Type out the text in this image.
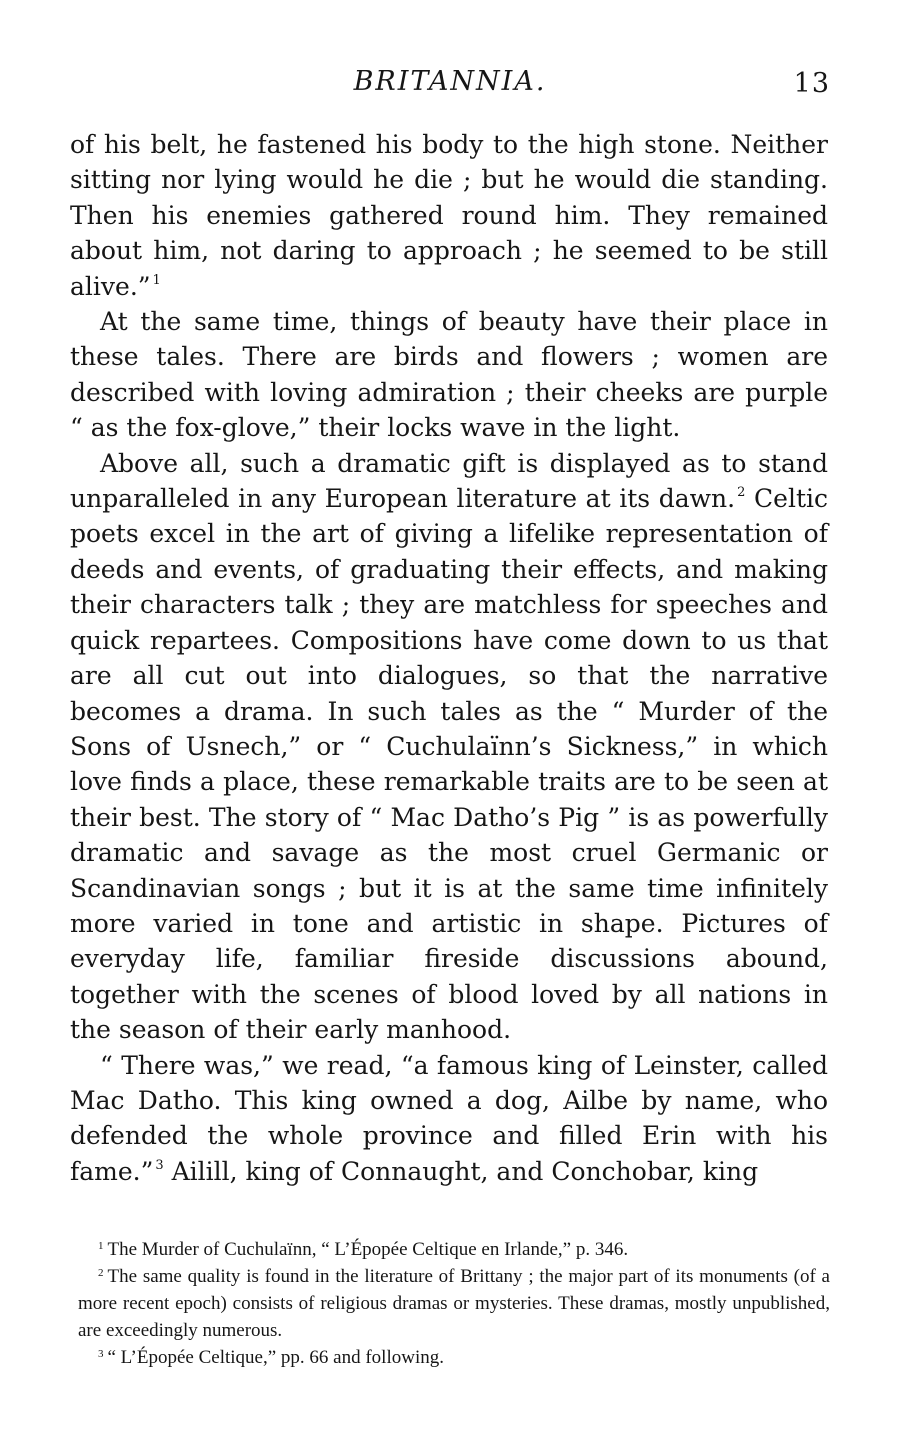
BRITANNIA.	13

of his belt, he fastened his body to the high stone. Neither sitting nor lying would he die ; but he would die standing. Then his enemies gathered round him. They remained about him, not daring to approach ; he seemed to be still alive.” $^1$

At the same time, things of beauty have their place in these tales. There are birds and flowers ; women are described with loving admiration ; their cheeks are purple “ as the fox-glove,” their locks wave in the light.

Above all, such a dramatic gift is displayed as to stand unparalleled in any European literature at its dawn. $^2$ Celtic poets excel in the art of giving a lifelike representation of deeds and events, of graduating their effects, and making their characters talk ; they are matchless for speeches and quick repartees. Compositions have come down to us that are all cut out into dialogues, so that the narrative becomes a drama. In such tales as the “ Murder of the Sons of Usnech,” or “ Cuchulaïnn’s Sickness,” in which love finds a place, these remarkable traits are to be seen at their best. The story of “ Mac Datho’s Pig ” is as powerfully dramatic and savage as the most cruel Germanic or Scandinavian songs ; but it is at the same time infinitely more varied in tone and artistic in shape. Pictures of everyday life, familiar fireside discussions abound, together with the scenes of blood loved by all nations in the season of their early manhood.

“ There was,” we read, “a famous king of Leinster, called Mac Datho. This king owned a dog, Ailbe by name, who defended the whole province and filled Erin with his fame.” $^3$ Ailill, king of Connaught, and Conchobar, king

$^1$ The Murder of Cuchulaïnn, “ L’Épopée Celtique en Irlande,” p. 346.

$^2$ The same quality is found in the literature of Brittany ; the major part of its monuments (of a more recent epoch) consists of religious dramas or mysteries. These dramas, mostly unpublished, are exceedingly numerous.

$^3$ “ L’Épopée Celtique,” pp. 66 and following.
